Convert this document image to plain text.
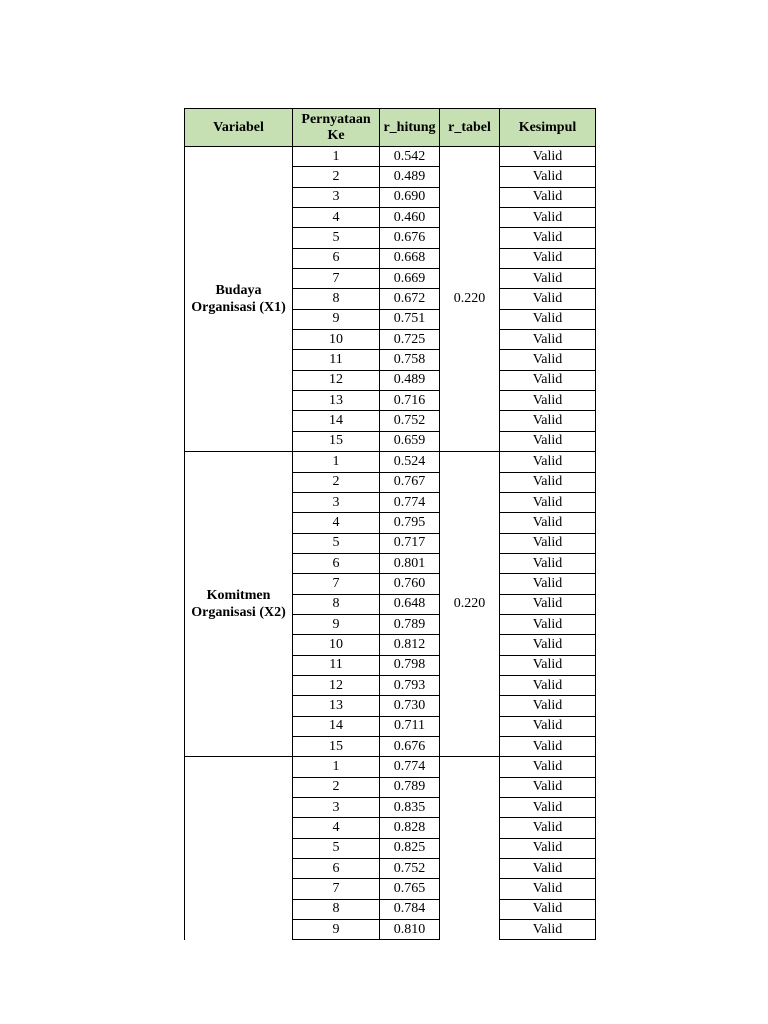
Variabel	Pernyataan Ke	r_hitung	r_tabel	Kesimpul
Budaya Organisasi (X1)	1	0.542	0.220	Valid
	2	0.489		Valid
	3	0.690		Valid
	4	0.460		Valid
	5	0.676		Valid
	6	0.668		Valid
	7	0.669		Valid
	8	0.672		Valid
	9	0.751		Valid
	10	0.725		Valid
	11	0.758		Valid
	12	0.489		Valid
	13	0.716		Valid
	14	0.752		Valid
	15	0.659		Valid
Komitmen Organisasi (X2)	1	0.524	0.220	Valid
	2	0.767		Valid
	3	0.774		Valid
	4	0.795		Valid
	5	0.717		Valid
	6	0.801		Valid
	7	0.760		Valid
	8	0.648		Valid
	9	0.789		Valid
	10	0.812		Valid
	11	0.798		Valid
	12	0.793		Valid
	13	0.730		Valid
	14	0.711		Valid
	15	0.676		Valid
	1	0.774		Valid
	2	0.789		Valid
	3	0.835		Valid
	4	0.828		Valid
	5	0.825		Valid
	6	0.752		Valid
	7	0.765		Valid
	8	0.784		Valid
	9	0.810		Valid
